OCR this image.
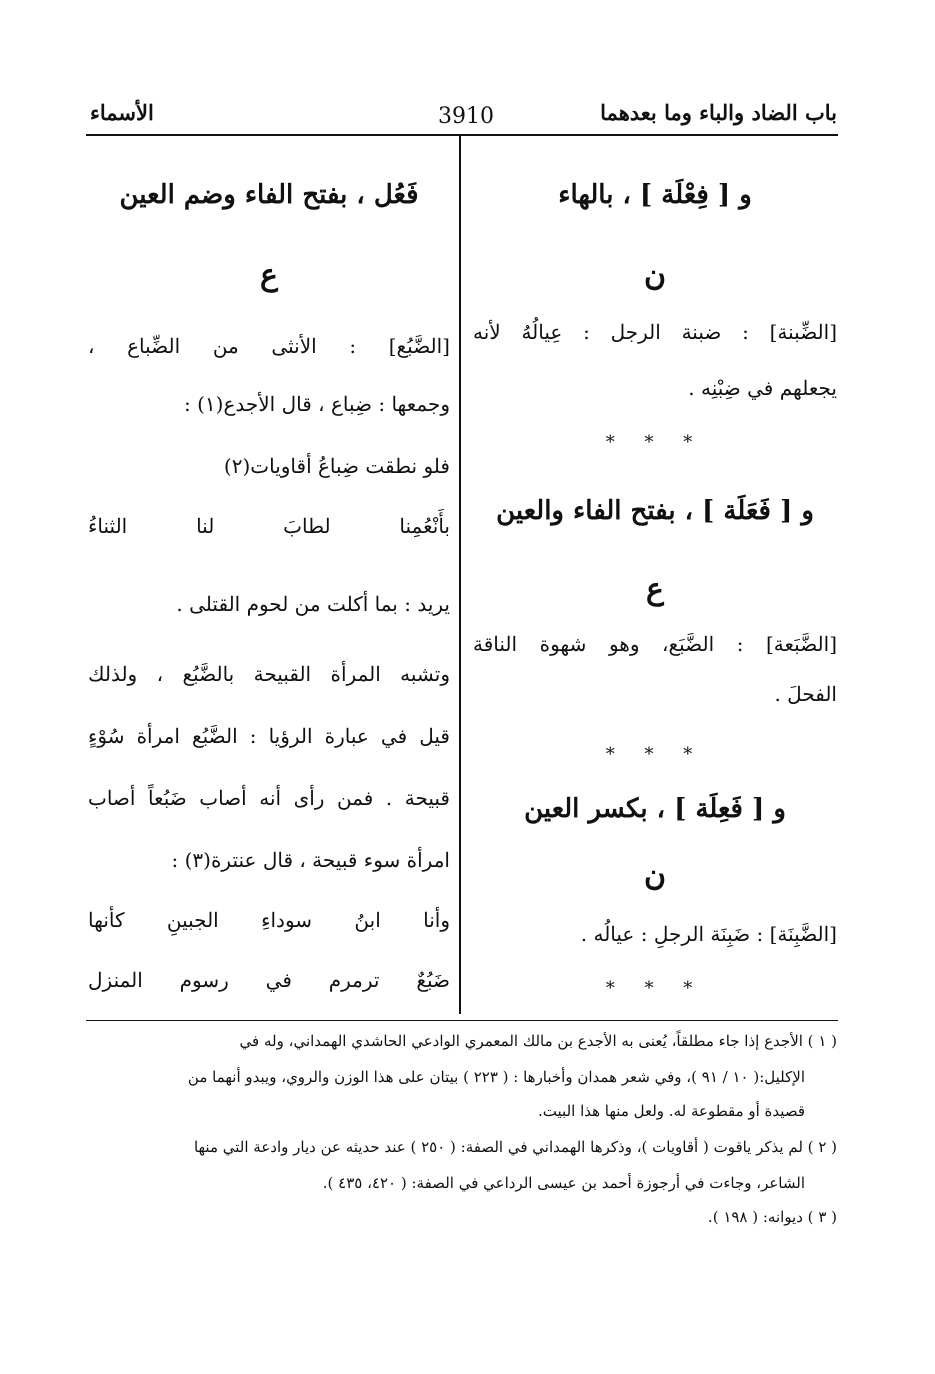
باب الضاد والباء وما بعدهما
3910
الأسماء
و [ فِعْلَة ] ، بالهاء
ن
[الضِّبنة] : ضبنة الرجل : عِيالُهُ لأنه
يجعلهم في ضِبْنِه .
* * *
و [ فَعَلَة ] ، بفتح الفاء والعين
ع
[الضَّبَعة] : الضَّبَع، وهو شهوة الناقة
الفحلَ .
* * *
و [ فَعِلَة ] ، بكسر العين
ن
[الضَّبِنَة] : ضَبِنَة الرجلِ : عيالُه .
* * *
فَعُل ، بفتح الفاء وضم العين
ع
[الضَّبُع] : الأنثى من الضِّباع ،
وجمعها : ضِباع ، قال الأجدع(١) :
فلو نطقت ضِباعُ أقاويات(٢)
بأَنْعُمِنا لطابَ لنا الثناءُ
يريد : بما أكلت من لحوم القتلى .
وتشبه المرأة القبيحة بالضَّبُع ، ولذلك
قيل في عبارة الرؤيا : الضَّبُع امرأة سُوْءٍ
قبيحة . فمن رأى أنه أصاب ضَبُعاً أصاب
امرأة سوء قبيحة ، قال عنترة(٣) :
وأنا ابنُ سوداءِ الجبينِ كأنها
ضَبُعٌ ترمرم في رسوم المنزل
( ١ ) الأجدع إذا جاء مطلقاً، يُعنى به الأجدع بن مالك المعمري الوادعي الحاشدي الهمداني، وله في
الإكليل:( ١٠ / ٩١ )، وفي شعر همدان وأخبارها : ( ٢٢٣ ) بيتان على هذا الوزن والروي، ويبدو أنهما من
قصيدة أو مقطوعة له. ولعل منها هذا البيت.
( ٢ ) لم يذكر ياقوت ( أقاويات )، وذكرها الهمداني في الصفة: ( ٢٥٠ ) عند حديثه عن ديار وادعة التي منها
الشاعر، وجاءت في أرجوزة أحمد بن عيسى الرداعي في الصفة: ( ٤٢٠، ٤٣٥ ).
( ٣ ) ديوانه: ( ١٩٨ ).
